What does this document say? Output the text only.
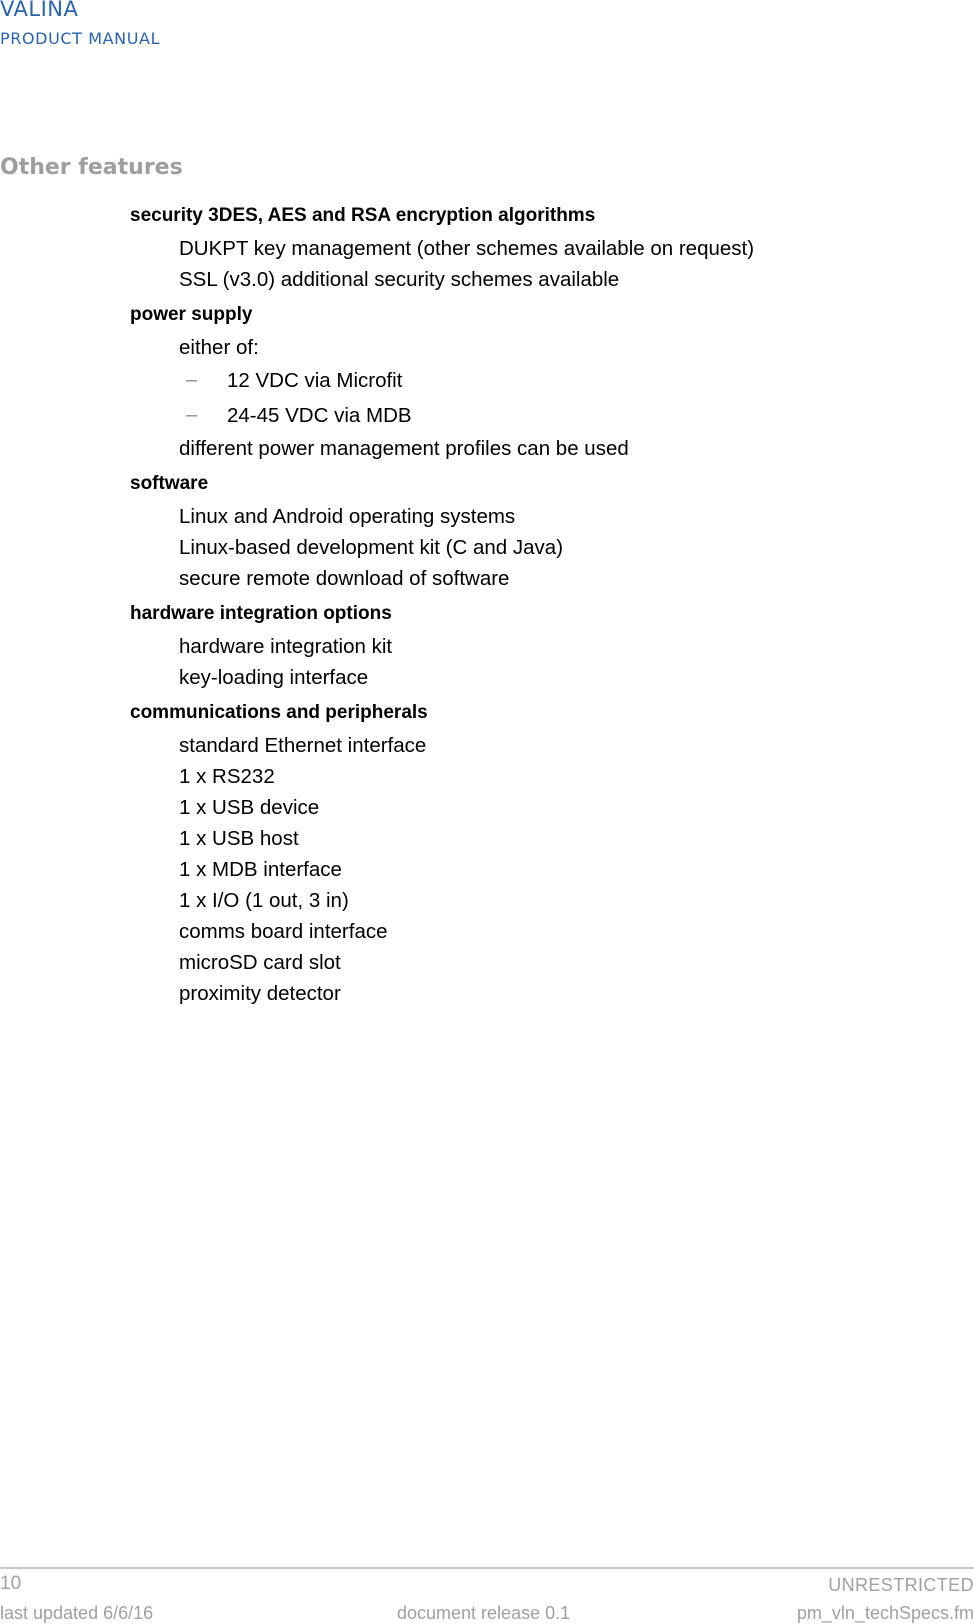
VALINA
PRODUCT MANUAL
Other features
security 3DES, AES and RSA encryption algorithms
DUKPT key management (other schemes available on request)
SSL (v3.0) additional security schemes available
power supply
either of:
– 12 VDC via Microfit
– 24-45 VDC via MDB
different power management profiles can be used
software
Linux and Android operating systems
Linux-based development kit (C and Java)
secure remote download of software
hardware integration options
hardware integration kit
key-loading interface
communications and peripherals
standard Ethernet interface
1 x RS232
1 x USB device
1 x USB host
1 x MDB interface
1 x I/O (1 out, 3 in)
comms board interface
microSD card slot
proximity detector
10	UNRESTRICTED
last updated 6/6/16	document release 0.1	pm_vln_techSpecs.fm
